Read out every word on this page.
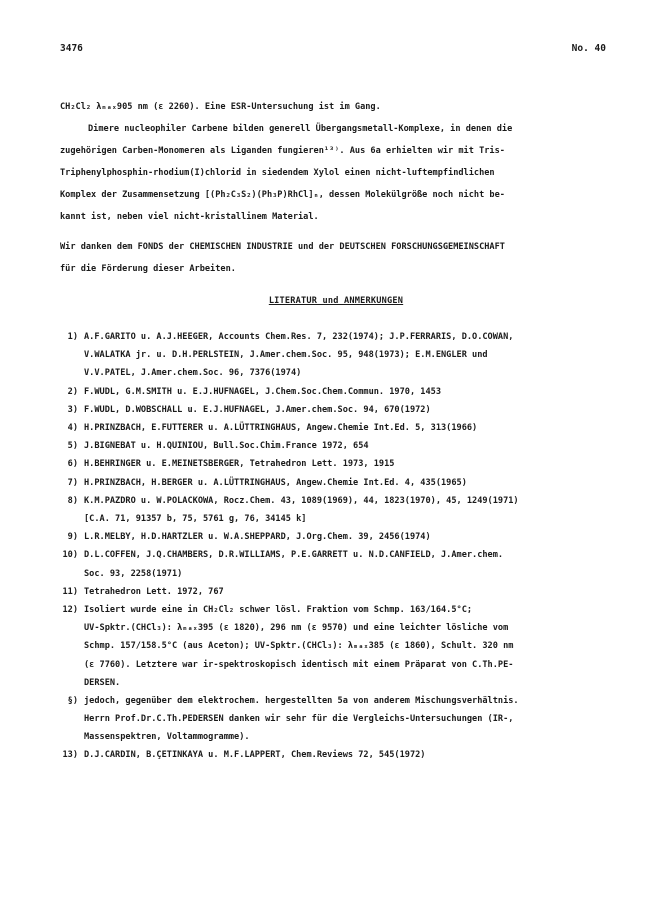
3476	No. 40
CH₂Cl₂ λₘₐₓ905 nm (ε 2260). Eine ESR-Untersuchung ist im Gang.
Dimere nucleophiler Carbene bilden generell Übergangsmetall-Komplexe, in denen die
zugehörigen Carben-Monomeren als Liganden fungieren¹³⁾. Aus 6a erhielten wir mit Tris-
Triphenylphosphin-rhodium(I)chlorid in siedendem Xylol einen nicht-luftempfindlichen
Komplex der Zusammensetzung [(Ph₂C₃S₂)(Ph₃P)RhCl]ₙ, dessen Molekülgröße noch nicht be-
kannt ist, neben viel nicht-kristallinem Material.
Wir danken dem FONDS der CHEMISCHEN INDUSTRIE und der DEUTSCHEN FORSCHUNGSGEMEINSCHAFT
für die Förderung dieser Arbeiten.
LITERATUR und ANMERKUNGEN
1) A.F.GARITO u. A.J.HEEGER, Accounts Chem.Res. 7, 232(1974); J.P.FERRARIS, D.O.COWAN,
V.WALATKA jr. u. D.H.PERLSTEIN, J.Amer.chem.Soc. 95, 948(1973); E.M.ENGLER und
V.V.PATEL, J.Amer.chem.Soc. 96, 7376(1974)
2) F.WUDL, G.M.SMITH u. E.J.HUFNAGEL, J.Chem.Soc.Chem.Commun. 1970, 1453
3) F.WUDL, D.WOBSCHALL u. E.J.HUFNAGEL, J.Amer.chem.Soc. 94, 670(1972)
4) H.PRINZBACH, E.FUTTERER u. A.LÜTTRINGHAUS, Angew.Chemie Int.Ed. 5, 313(1966)
5) J.BIGNEBAT u. H.QUINIOU, Bull.Soc.Chim.France 1972, 654
6) H.BEHRINGER u. E.MEINETSBERGER, Tetrahedron Lett. 1973, 1915
7) H.PRINZBACH, H.BERGER u. A.LÜTTRINGHAUS, Angew.Chemie Int.Ed. 4, 435(1965)
8) K.M.PAZDRO u. W.POLACKOWA, Rocz.Chem. 43, 1089(1969), 44, 1823(1970), 45, 1249(1971)
[C.A. 71, 91357 b, 75, 5761 g, 76, 34145 k]
9) L.R.MELBY, H.D.HARTZLER u. W.A.SHEPPARD, J.Org.Chem. 39, 2456(1974)
10) D.L.COFFEN, J.Q.CHAMBERS, D.R.WILLIAMS, P.E.GARRETT u. N.D.CANFIELD, J.Amer.chem.
Soc. 93, 2258(1971)
11) Tetrahedron Lett. 1972, 767
12) Isoliert wurde eine in CH₂Cl₂ schwer lösl. Fraktion vom Schmp. 163/164.5°C;
UV-Spktr.(CHCl₃): λₘₐₓ395 (ε 1820), 296 nm (ε 9570) und eine leichter lösliche vom
Schmp. 157/158.5°C (aus Aceton); UV-Spktr.(CHCl₃): λₘₐₓ385 (ε 1860), Schult. 320 nm
(ε 7760). Letztere war ir-spektroskopisch identisch mit einem Präparat von C.Th.PE-
DERSEN.
§) jedoch, gegenüber dem elektrochem. hergestellten 5a von anderem Mischungsverhältnis.
Herrn Prof.Dr.C.Th.PEDERSEN danken wir sehr für die Vergleichs-Untersuchungen (IR-,
Massenspektren, Voltammogramme).
13) D.J.CARDIN, B.ÇETINKAYA u. M.F.LAPPERT, Chem.Reviews 72, 545(1972)
